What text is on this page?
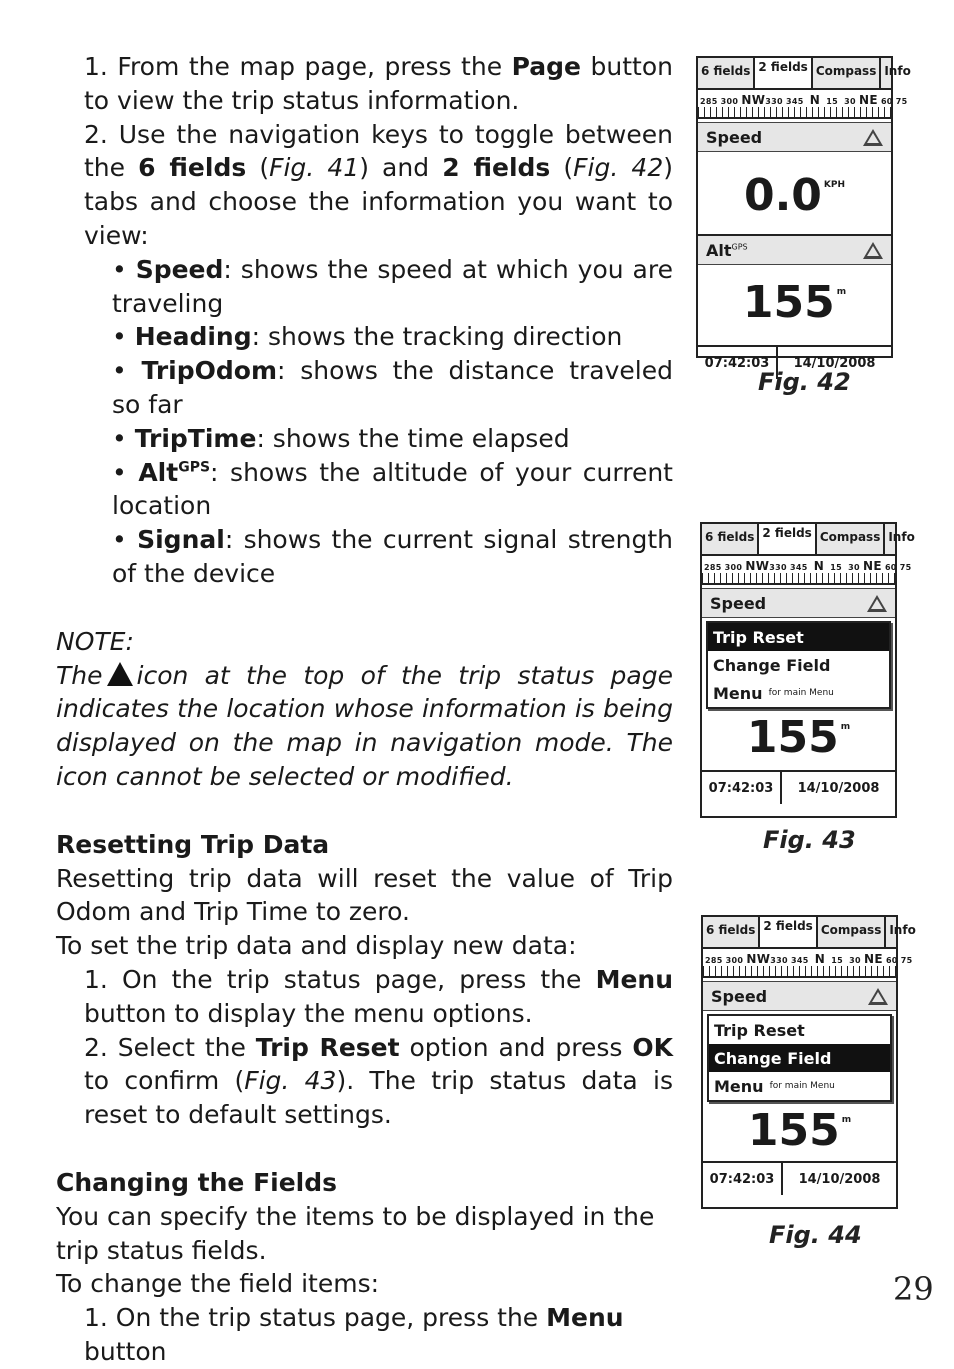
1. From the map page, press the Page button to view the trip status information.

2. Use the navigation keys to toggle between the 6 fields (Fig. 41) and 2 fields (Fig. 42) tabs and choose the information you want to view:

• Speed: shows the speed at which you are traveling

• Heading: shows the tracking direction

• TripOdom: shows the distance traveled so far

• TripTime: shows the time elapsed

• Alt$^{GPS}$: shows the altitude of your current location

• Signal: shows the current signal strength of the device

NOTE:

The icon at the top of the trip status page indicates the location whose information is being displayed on the map in navigation mode. The icon cannot be selected or modified.

Resetting Trip Data

Resetting trip data will reset the value of Trip Odom and Trip Time to zero.

To set the trip data and display new data:

1. On the trip status page, press the Menu button to display the menu options.

2. Select the Trip Reset option and press OK to confirm (Fig. 43). The trip status data is reset to default settings.

Changing the Fields

You can specify the items to be displayed in the

trip status fields.

To change the field items:

1. On the trip status page, press the Menu button

6 fields 2 fields Compass Info
285 300 NW330 345 N 15 30 NE 60 75
Speed
0.0 KPH
Alt$^{GPS}$
155 m
07:42:03	14/10/2008
Fig. 42
6 fields 2 fields Compass Info
285 300 NW330 345 N 15 30 NE 60 75
Speed
Trip Reset
Change Field
Menu for main Menu
155 m
07:42:03	14/10/2008
Fig. 43
6 fields 2 fields Compass Info
285 300 NW330 345 N 15 30 NE 60 75
Speed
Trip Reset
Change Field
Menu for main Menu
155 m
07:42:03	14/10/2008
Fig. 44
29
